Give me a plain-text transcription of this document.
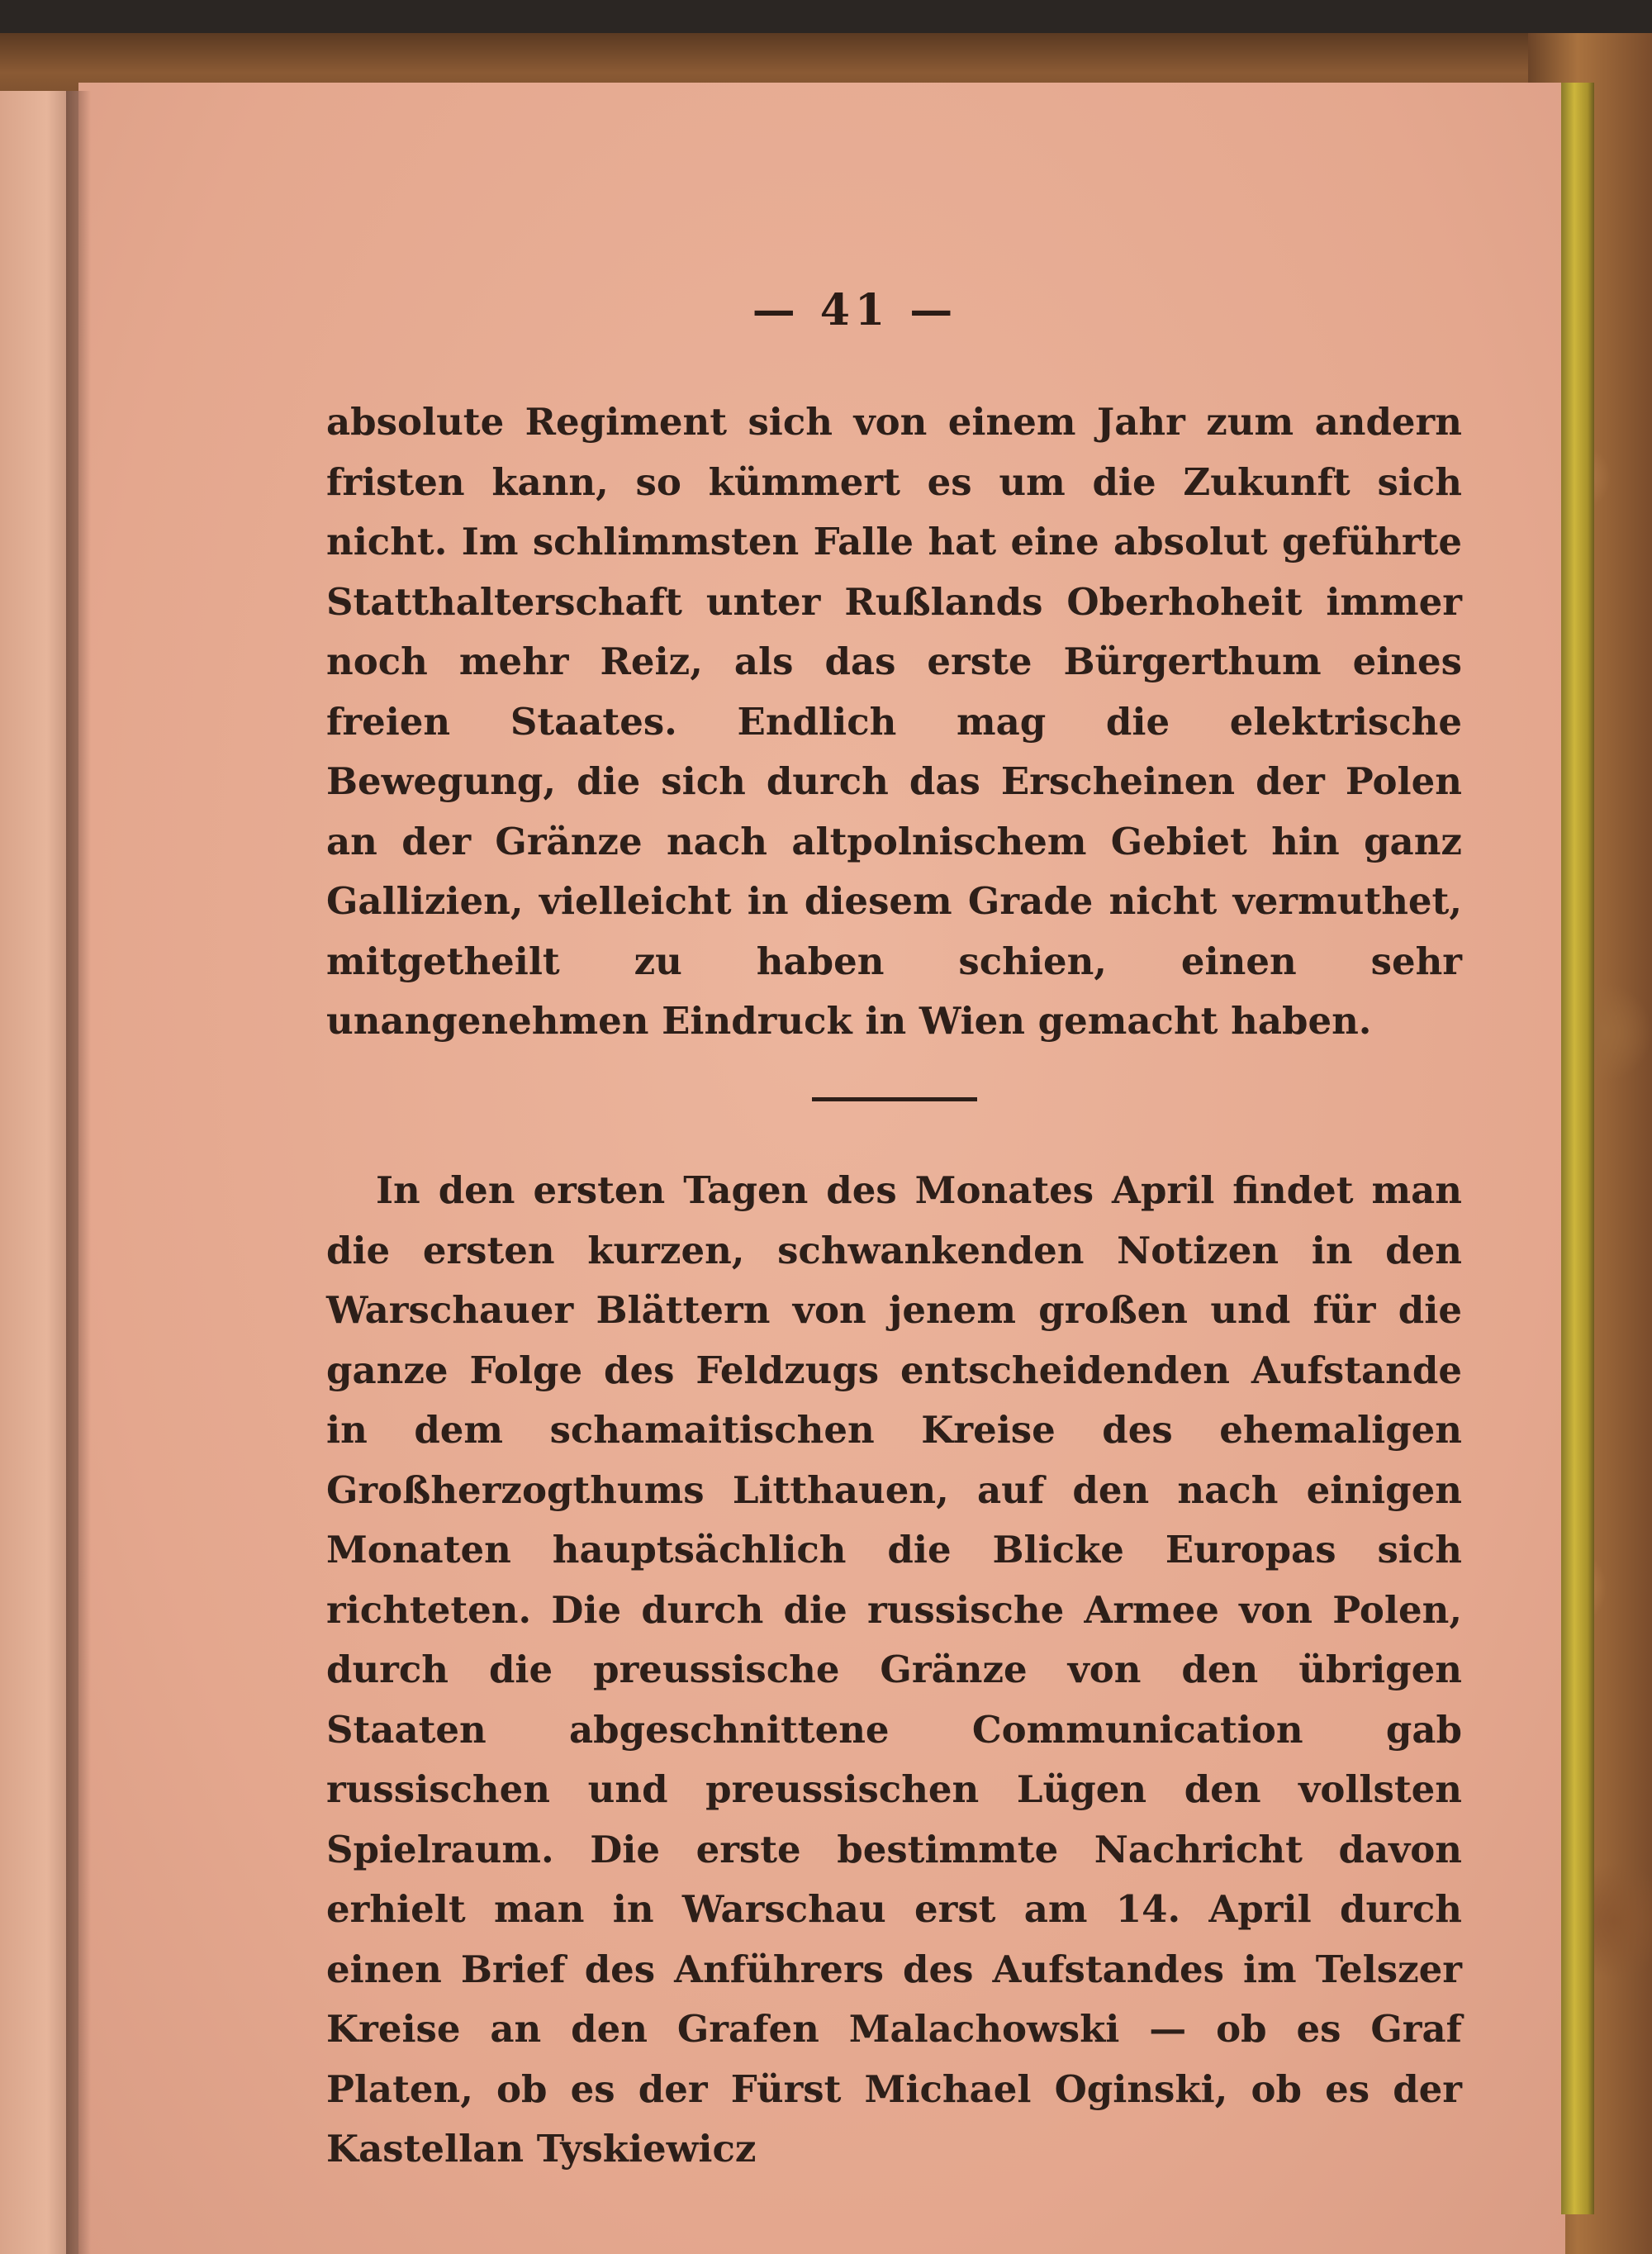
— 41 —

absolute Regiment sich von einem Jahr zum andern fristen kann, so kümmert es um die Zukunft sich nicht. Im schlimmsten Falle hat eine absolut geführte Statthalterschaft unter Rußlands Oberhoheit immer noch mehr Reiz, als das erste Bürgerthum eines freien Staates. Endlich mag die elektrische Bewegung, die sich durch das Erscheinen der Polen an der Gränze nach altpolnischem Gebiet hin ganz Gallizien, vielleicht in diesem Grade nicht vermuthet, mitgetheilt zu haben schien, einen sehr unangenehmen Eindruck in Wien gemacht haben.

In den ersten Tagen des Monates April findet man die ersten kurzen, schwankenden Notizen in den Warschauer Blättern von jenem großen und für die ganze Folge des Feldzugs entscheidenden Aufstande in dem schamaitischen Kreise des ehemaligen Großherzogthums Litthauen, auf den nach einigen Monaten hauptsächlich die Blicke Europas sich richteten. Die durch die russische Armee von Polen, durch die preussische Gränze von den übrigen Staaten abgeschnittene Communication gab russischen und preussischen Lügen den vollsten Spielraum. Die erste bestimmte Nachricht davon erhielt man in Warschau erst am 14. April durch einen Brief des Anführers des Aufstandes im Telszer Kreise an den Grafen Malachowski — ob es Graf Platen, ob es der Fürst Michael Oginski, ob es der Kastellan Tyskiewicz
